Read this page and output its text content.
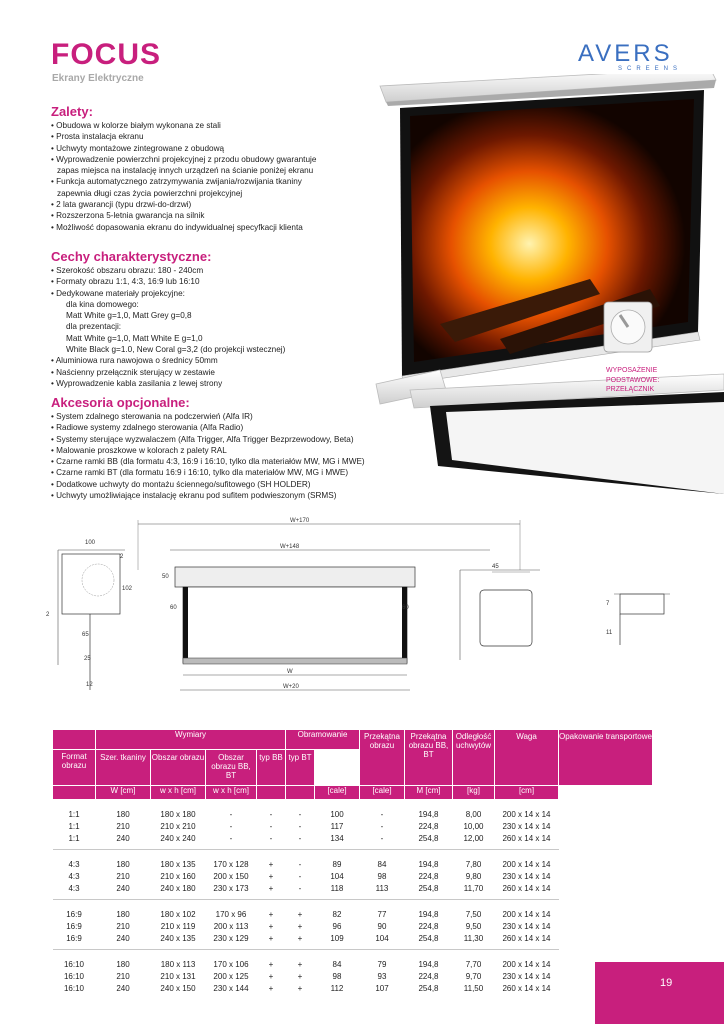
FOCUS
Ekrany Elektryczne
AVERS
SCREENS
Zalety:
• Obudowa w kolorze białym wykonana ze stali
• Prosta instalacja ekranu
• Uchwyty montażowe zintegrowane z obudową
• Wyprowadzenie powierzchni projekcyjnej z przodu obudowy gwarantuje
zapas miejsca na instalację innych urządzeń na ścianie poniżej ekranu
• Funkcja automatycznego zatrzymywania zwijania/rozwijania tkaniny
zapewnia długi czas życia powierzchni projekcyjnej
• 2 lata gwarancji (typu drzwi-do-drzwi)
• Rozszerzona 5-letnia gwarancja na silnik
• Możliwość dopasowania ekranu do indywidualnej specyfkacji klienta
Cechy charakterystyczne:
• Szerokość obszaru obrazu: 180 - 240cm
• Formaty obrazu 1:1, 4:3, 16:9 lub 16:10
• Dedykowane materiały projekcyjne:
dla kina domowego:
Matt White g=1,0, Matt Grey g=0,8
dla prezentacji:
Matt White g=1,0, Matt White E g=1,0
White Black g=1.0, New Coral g=3,2 (do projekcji wstecznej)
• Aluminiowa rura nawojowa o średnicy 50mm
• Naścienny przełącznik sterujący w zestawie
• Wyprowadzenie kabla zasilania z lewej strony
Akcesoria opcjonalne:
• System zdalnego sterowania na podczerwień (Alfa IR)
• Radiowe systemy zdalnego sterowania (Alfa Radio)
• Systemy sterujące wyzwalaczem (Alfa Trigger, Alfa Trigger Bezprzewodowy, Beta)
• Malowanie proszkowe w kolorach z palety RAL
• Czarne ramki BB (dla formatu 4:3, 16:9 i 16:10, tylko dla materiałów MW, MG i MWE)
• Czarne ramki BT (dla formatu 16:9 i 16:10, tylko dla materiałów MW, MG i MWE)
• Dodatkowe uchwyty do montażu ściennego/sufitowego (SH HOLDER)
• Uchwyty umożliwiające instalację ekranu pod sufitem podwieszonym (SRMS)
WYPOSAŻENIE
PODSTAWOWE:
PRZEŁĄCZNIK
W+170
W+148
50
60	60
W
W+20
100
2
102
2
65
25
12
45
7
11
	Wymiary				Obramowanie		Przekątna obrazu	Przekątna obrazu BB, BT	Odległość uchwytów	Waga	Opakowanie transportowe
Format obrazu	Szer. tkaniny	Obszar obrazu	Obszar obrazu BB, BT	typ BB	typ BT						
	W [cm]	w x h [cm]	w x h [cm]			[cale]	[cale]	M [cm]	[kg]	[cm]	

1:1	180	180 x 180	-	-	-	100	-	194,8	8,00	200 x 14 x 14	
1:1	210	210 x 210	-	-	-	117	-	224,8	10,00	230 x 14 x 14	
1:1	240	240 x 240	-	-	-	134	-	254,8	12,00	260 x 14 x 14	

4:3	180	180 x 135	170 x 128	+	-	89	84	194,8	7,80	200 x 14 x 14	
4:3	210	210 x 160	200 x 150	+	-	104	98	224,8	9,80	230 x 14 x 14	
4:3	240	240 x 180	230 x 173	+	-	118	113	254,8	11,70	260 x 14 x 14	

16:9	180	180 x 102	170 x 96	+	+	82	77	194,8	7,50	200 x 14 x 14	
16:9	210	210 x 119	200 x 113	+	+	96	90	224,8	9,50	230 x 14 x 14	
16:9	240	240 x 135	230 x 129	+	+	109	104	254,8	11,30	260 x 14 x 14	

16:10	180	180 x 113	170 x 106	+	+	84	79	194,8	7,70	200 x 14 x 14	
16:10	210	210 x 131	200 x 125	+	+	98	93	224,8	9,70	230 x 14 x 14	
16:10	240	240 x 150	230 x 144	+	+	112	107	254,8	11,50	260 x 14 x 14		19
